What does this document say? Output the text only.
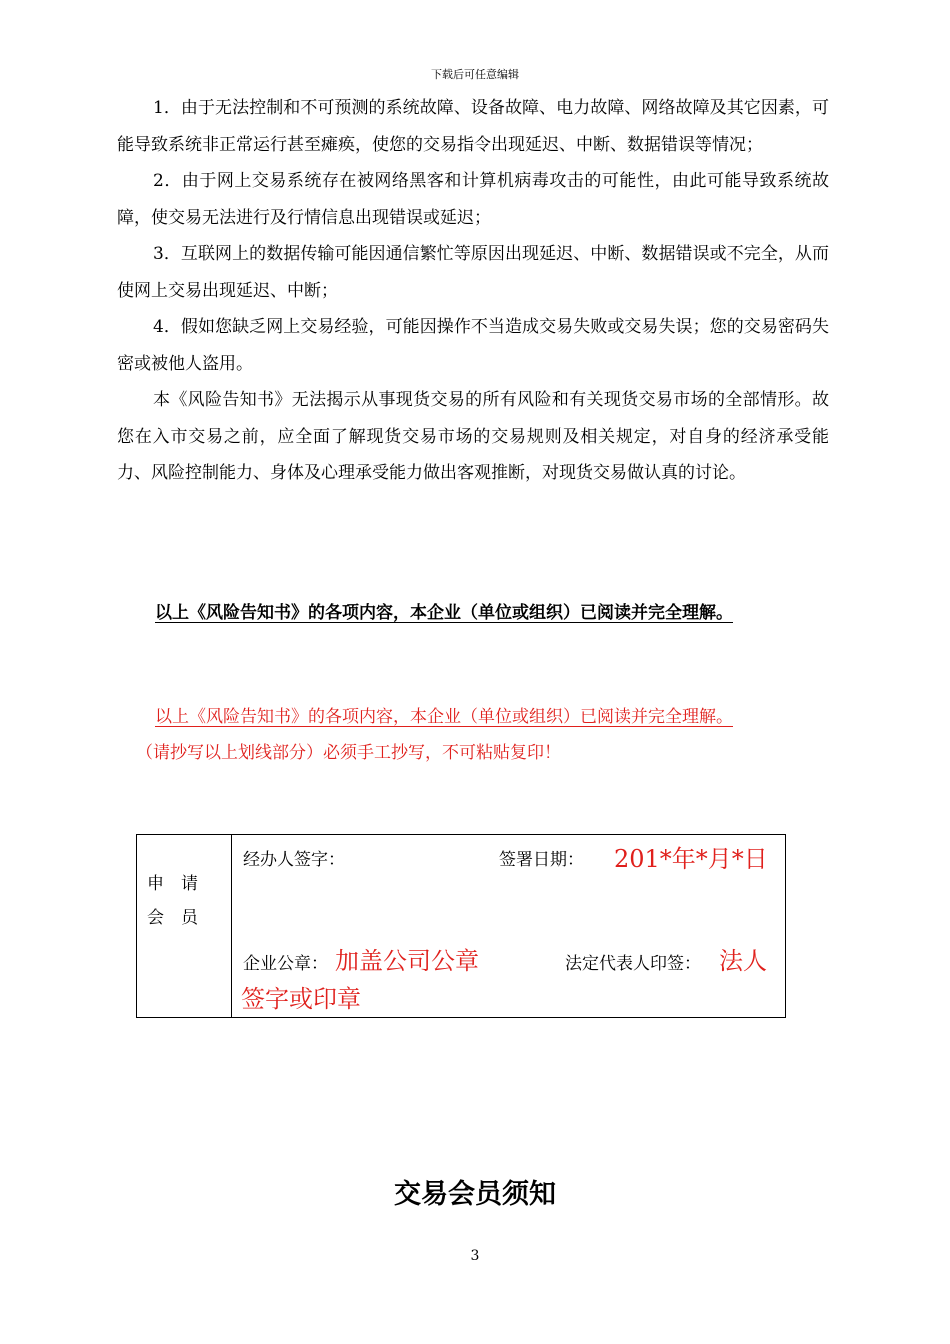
下载后可任意编辑

1．由于无法控制和不可预测的系统故障、设备故障、电力故障、网络故障及其它因素，可能导致系统非正常运行甚至瘫痪，使您的交易指令出现延迟、中断、数据错误等情况；

2．由于网上交易系统存在被网络黑客和计算机病毒攻击的可能性，由此可能导致系统故障，使交易无法进行及行情信息出现错误或延迟；

3．互联网上的数据传输可能因通信繁忙等原因出现延迟、中断、数据错误或不完全，从而使网上交易出现延迟、中断；

4．假如您缺乏网上交易经验，可能因操作不当造成交易失败或交易失误；您的交易密码失密或被他人盗用。

本《风险告知书》无法揭示从事现货交易的所有风险和有关现货交易市场的全部情形。故您在入市交易之前，应全面了解现货交易市场的交易规则及相关规定，对自身的经济承受能力、风险控制能力、身体及心理承受能力做出客观推断，对现货交易做认真的讨论。

以上《风险告知书》的各项内容，本企业（单位或组织）已阅读并完全理解。
以上《风险告知书》的各项内容，本企业（单位或组织）已阅读并完全理解。
（请抄写以上划线部分）必须手工抄写，不可粘贴复印！
申　请
会　员
经办人签字：	签署日期： 201*年*月*日
企业公章： 加盖公司公章	法定代表人印签： 法人
签字或印章
交易会员须知
3
